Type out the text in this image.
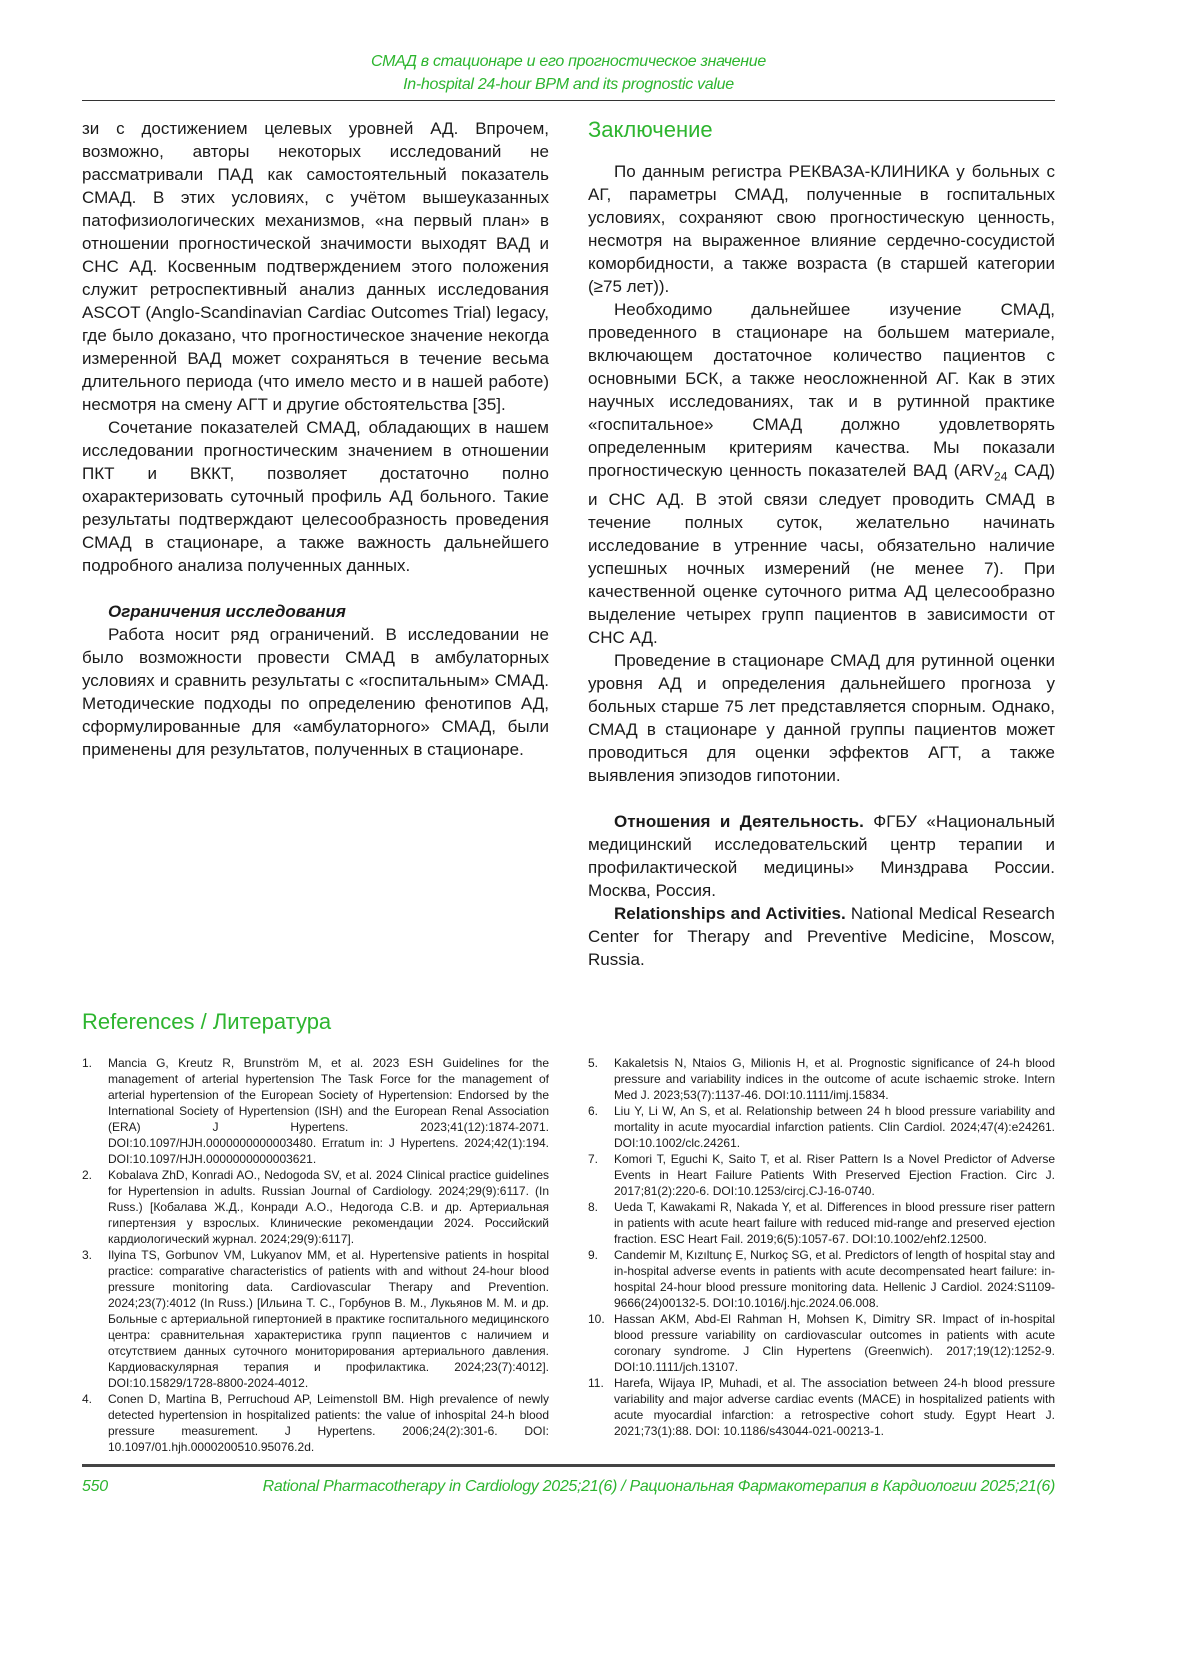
СМАД в стационаре и его прогностическое значение
In-hospital 24-hour BPM and its prognostic value

зи с достижением целевых уровней АД. Впрочем, возможно, авторы некоторых исследований не рассматривали ПАД как самостоятельный показатель СМАД. В этих условиях, с учётом вышеуказанных патофизиологических механизмов, «на первый план» в отношении прогностической значимости выходят ВАД и СНС АД. Косвенным подтверждением этого положения служит ретроспективный анализ данных исследования ASCOT (Anglo-Scandinavian Cardiac Outcomes Trial) legacy, где было доказано, что прогностическое значение некогда измеренной ВАД может сохраняться в течение весьма длительного периода (что имело место и в нашей работе) несмотря на смену АГТ и другие обстоятельства [35].

Сочетание показателей СМАД, обладающих в нашем исследовании прогностическим значением в отношении ПКТ и ВККТ, позволяет достаточно полно охарактеризовать суточный профиль АД больного. Такие результаты подтверждают целесообразность проведения СМАД в стационаре, а также важность дальнейшего подробного анализа полученных данных.

Ограничения исследования

Работа носит ряд ограничений. В исследовании не было возможности провести СМАД в амбулаторных условиях и сравнить результаты с «госпитальным» СМАД. Методические подходы по определению фенотипов АД, сформулированные для «амбулаторного» СМАД, были применены для результатов, полученных в стационаре.

Заключение

По данным регистра РЕКВАЗА-КЛИНИКА у больных с АГ, параметры СМАД, полученные в госпитальных условиях, сохраняют свою прогностическую ценность, несмотря на выраженное влияние сердечно-сосудистой коморбидности, а также возраста (в старшей категории (≥75 лет)).

Необходимо дальнейшее изучение СМАД, проведенного в стационаре на большем материале, включающем достаточное количество пациентов с основными БСК, а также неосложненной АГ. Как в этих научных исследованиях, так и в рутинной практике «госпитальное» СМАД должно удовлетворять определенным критериям качества. Мы показали прогностическую ценность показателей ВАД ($ARV_{24}$ САД) и СНС АД. В этой связи следует проводить СМАД в течение полных суток, желательно начинать исследование в утренние часы, обязательно наличие успешных ночных измерений (не менее 7). При качественной оценке суточного ритма АД целесообразно выделение четырех групп пациентов в зависимости от СНС АД.

Проведение в стационаре СМАД для рутинной оценки уровня АД и определения дальнейшего прогноза у больных старше 75 лет представляется спорным. Однако, СМАД в стационаре у данной группы пациентов может проводиться для оценки эффектов АГТ, а также выявления эпизодов гипотонии.

Отношения и Деятельность. ФГБУ «Национальный медицинский исследовательский центр терапии и профилактической медицины» Минздрава России. Москва, Россия.

Relationships and Activities. National Medical Research Center for Therapy and Preventive Medicine, Moscow, Russia.

References / Литература
1. Mancia G, Kreutz R, Brunström M, et al. 2023 ESH Guidelines for the management of arterial hypertension The Task Force for the management of arterial hypertension of the European Society of Hypertension: Endorsed by the International Society of Hypertension (ISH) and the European Renal Association (ERA) J Hypertens. 2023;41(12):1874-2071. DOI:10.1097/HJH.0000000000003480. Erratum in: J Hypertens. 2024;42(1):194. DOI:10.1097/HJH.0000000000003621.
2. Kobalava ZhD, Konradi AO., Nedogoda SV, et al. 2024 Clinical practice guidelines for Hypertension in adults. Russian Journal of Cardiology. 2024;29(9):6117. (In Russ.) [Кобалава Ж.Д., Конради А.О., Недогода С.В. и др. Артериальная гипертензия у взрослых. Клинические рекомендации 2024. Российский кардиологический журнал. 2024;29(9):6117].
3. Ilyina TS, Gorbunov VM, Lukyanov MM, et al. Hypertensive patients in hospital practice: comparative characteristics of patients with and without 24-hour blood pressure monitoring data. Cardiovascular Therapy and Prevention. 2024;23(7):4012 (In Russ.) [Ильина Т. С., Горбунов В. М., Лукьянов М. М. и др. Больные с артериальной гипертонией в практике госпитального медицинского центра: сравнительная характеристика групп пациентов с наличием и отсутствием данных суточного мониторирования артериального давления. Кардиоваскулярная терапия и профилактика. 2024;23(7):4012]. DOI:10.15829/1728-8800-2024-4012.
4. Conen D, Martina B, Perruchoud AP, Leimenstoll BM. High prevalence of newly detected hypertension in hospitalized patients: the value of inhospital 24-h blood pressure measurement. J Hypertens. 2006;24(2):301-6. DOI: 10.1097/01.hjh.0000200510.95076.2d.
5. Kakaletsis N, Ntaios G, Milionis H, et al. Prognostic significance of 24-h blood pressure and variability indices in the outcome of acute ischaemic stroke. Intern Med J. 2023;53(7):1137-46. DOI:10.1111/imj.15834.
6. Liu Y, Li W, An S, et al. Relationship between 24 h blood pressure variability and mortality in acute myocardial infarction patients. Clin Cardiol. 2024;47(4):e24261. DOI:10.1002/clc.24261.
7. Komori T, Eguchi K, Saito T, et al. Riser Pattern Is a Novel Predictor of Adverse Events in Heart Failure Patients With Preserved Ejection Fraction. Circ J. 2017;81(2):220-6. DOI:10.1253/circj.CJ-16-0740.
8. Ueda T, Kawakami R, Nakada Y, et al. Differences in blood pressure riser pattern in patients with acute heart failure with reduced mid-range and preserved ejection fraction. ESC Heart Fail. 2019;6(5):1057-67. DOI:10.1002/ehf2.12500.
9. Candemir M, Kızıltunç E, Nurkoç SG, et al. Predictors of length of hospital stay and in-hospital adverse events in patients with acute decompensated heart failure: in-hospital 24-hour blood pressure monitoring data. Hellenic J Cardiol. 2024:S1109-9666(24)00132-5. DOI:10.1016/j.hjc.2024.06.008.
10. Hassan AKM, Abd-El Rahman H, Mohsen K, Dimitry SR. Impact of in-hospital blood pressure variability on cardiovascular outcomes in patients with acute coronary syndrome. J Clin Hypertens (Greenwich). 2017;19(12):1252-9. DOI:10.1111/jch.13107.
11. Harefa, Wijaya IP, Muhadi, et al. The association between 24-h blood pressure variability and major adverse cardiac events (MACE) in hospitalized patients with acute myocardial infarction: a retrospective cohort study. Egypt Heart J. 2021;73(1):88. DOI: 10.1186/s43044-021-00213-1.
550	Rational Pharmacotherapy in Cardiology 2025;21(6) / Рациональная Фармакотерапия в Кардиологии 2025;21(6)
